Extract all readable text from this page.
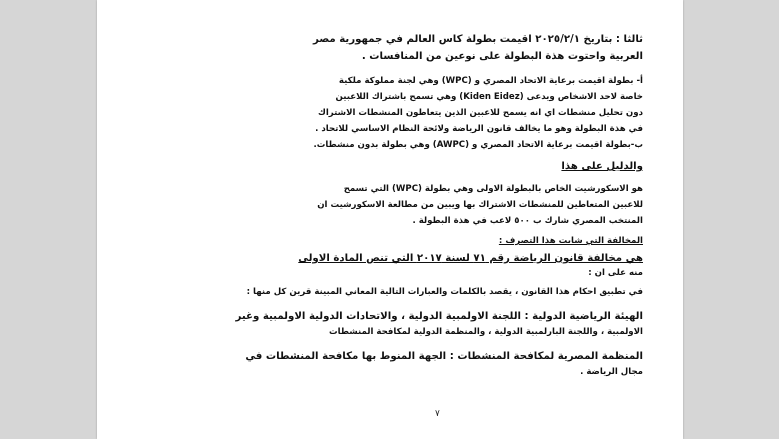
ثالثا : بتاريخ ٢٠٢٥/٢/١ اقيمت بطولة كاس العالم في جمهورية مصر
العربية واحتوت هذة البطولة على نوعين من المنافسات .
أ- بطولة اقيمت برعاية الاتحاد المصري و (WPC) وهي لجنة مملوكة ملكية
خاصة لاحد الاشخاص ويدعى (Kiden Eidez) وهي تسمح باشتراك اللاعبين
دون تحليل منشطات اي انه يسمح للاعبين الذين يتعاطون المنشطات الاشتراك
في هذة البطولة وهو ما يخالف قانون الرياضة ولائحة النظام الاساسي للاتحاد .
ب-بطولة اقيمت برعاية الاتحاد المصري و (AWPC) وهي بطولة بدون منشطات.
والدليل على هذا
هو الاسكورشيت الخاص بالبطولة الاولى وهي بطولة (WPC) التي تسمح
للاعبين المتعاطين للمنشطات الاشتراك بها ويبين من مطالعة الاسكورشيت ان
المنتخب المصري شارك ب ٥٠٠ لاعب في هذة البطولة .
المخالفة التي شابت هذا التصرف :
هي مخالفة قانون الرياضة رقم ٧١ لسنة ٢٠١٧ التي تنص المادة الاولى
منه على ان :
في تطبيق احكام هذا القانون ، يقصد بالكلمات والعبارات التالية المعاني المبينة قرين كل منها :
الهيئة الرياضية الدولية : اللجنة الاولمبية الدولية ، والاتحادات الدولية الاولمبية وغير
الاولمبية ، واللجنة البارلمبية الدولية ، والمنظمة الدولية لمكافحة المنشطات
المنظمة المصرية لمكافحة المنشطات : الجهة المنوط بها مكافحة المنشطات في
مجال الرياضة .
٧
